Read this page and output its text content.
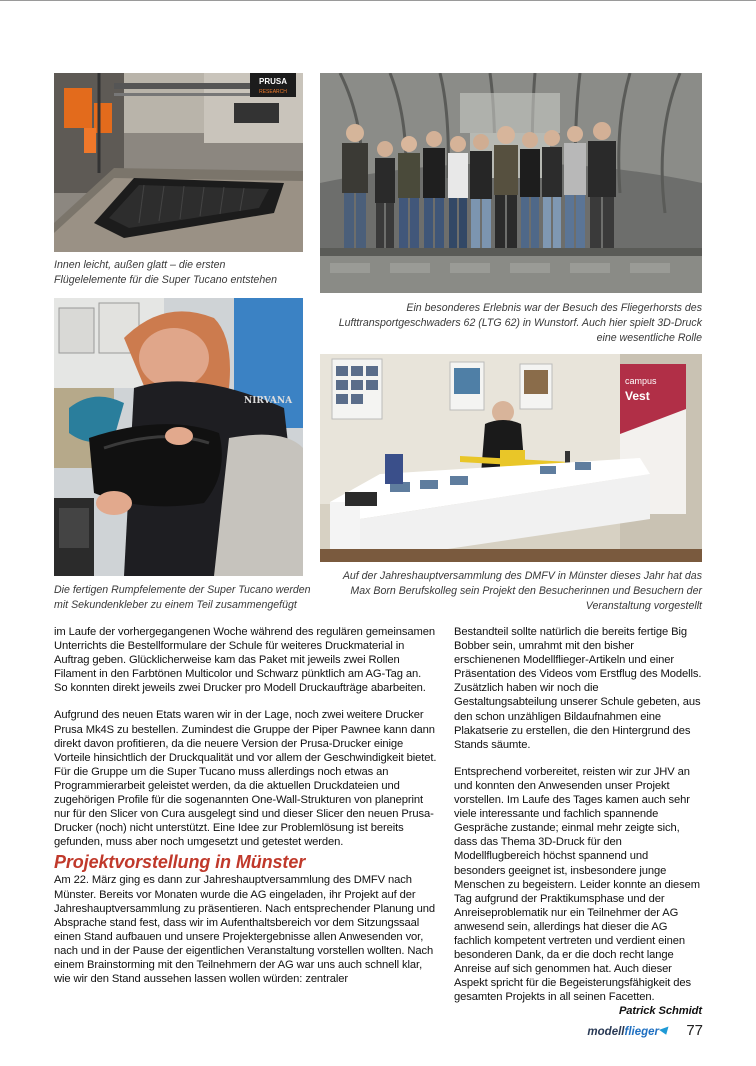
PRUSA
RESEARCH

Innen leicht, außen glatt – die ersten
Flügelelemente für die Super Tucano entstehen

Ein besonderes Erlebnis war der Besuch des Fliegerhorsts des
Lufttransportgeschwaders 62 (LTG 62) in Wunstorf. Auch hier spielt 3D-Druck
eine wesentliche Rolle

NIRVANA

Die fertigen Rumpfelemente der Super Tucano werden
mit Sekundenkleber zu einem Teil zusammengefügt

campus
Vest

Auf der Jahreshauptversammlung des DMFV in Münster dieses Jahr hat das
Max Born Berufskolleg sein Projekt den Besucherinnen und Besuchern der
Veranstaltung vorgestellt

im Laufe der vorhergegangenen Woche während des regulären gemeinsamen Unterrichts die Bestellformulare der Schule für weiteres Druckmaterial in Auftrag geben. Glücklicherweise kam das Paket mit jeweils zwei Rollen Filament in den Farbtönen Multicolor und Schwarz pünktlich am AG-Tag an. So konnten direkt jeweils zwei Drucker pro Modell Druckaufträge abarbeiten.

Aufgrund des neuen Etats waren wir in der Lage, noch zwei weitere Drucker Prusa Mk4S zu bestellen. Zumindest die Gruppe der Piper Pawnee kann dann direkt davon profitieren, da die neuere Version der Prusa-Drucker einige Vorteile hinsichtlich der Druckqualität und vor allem der Geschwindigkeit bietet. Für die Gruppe um die Super Tucano muss allerdings noch etwas an Programmierarbeit geleistet werden, da die aktuellen Druckdateien und zugehörigen Profile für die sogenannten One-Wall-Strukturen von planeprint nur für den Slicer von Cura ausgelegt sind und dieser Slicer den neuen Prusa-Drucker (noch) nicht unterstützt. Eine Idee zur Problemlösung ist bereits gefunden, muss aber noch umgesetzt und getestet werden.

Projektvorstellung in Münster

Am 22. März ging es dann zur Jahreshauptversammlung des DMFV nach Münster. Bereits vor Monaten wurde die AG eingeladen, ihr Projekt auf der Jahreshauptversammlung zu präsentieren. Nach entsprechender Planung und Absprache stand fest, dass wir im Aufenthaltsbereich vor dem Sitzungssaal einen Stand aufbauen und unsere Projektergebnisse allen Anwesenden vor, nach und in der Pause der eigentlichen Veranstaltung vorstellen wollten. Nach einem Brainstorming mit den Teilnehmern der AG war uns auch schnell klar, wie wir den Stand aussehen lassen wollen würden: zentraler

Bestandteil sollte natürlich die bereits fertige Big Bobber sein, umrahmt mit den bisher erschienenen Modellflieger-Artikeln und einer Präsentation des Videos vom Erstflug des Modells. Zusätzlich haben wir noch die Gestaltungsabteilung unserer Schule gebeten, aus den schon unzähligen Bildaufnahmen eine Plakatserie zu erstellen, die den Hintergrund des Stands säumte.

Entsprechend vorbereitet, reisten wir zur JHV an und konnten den Anwesenden unser Projekt vorstellen. Im Laufe des Tages kamen auch sehr viele interessante und fachlich spannende Gespräche zustande; einmal mehr zeigte sich, dass das Thema 3D-Druck für den Modellflugbereich höchst spannend und besonders geeignet ist, insbesondere junge Menschen zu begeistern. Leider konnte an diesem Tag aufgrund der Praktikumsphase und der Anreiseproblematik nur ein Teilnehmer der AG anwesend sein, allerdings hat dieser die AG fachlich kompetent vertreten und verdient einen besonderen Dank, da er die doch recht lange Anreise auf sich genommen hat. Auch dieser Aspekt spricht für die Begeisterungsfähigkeit des gesamten Projekts in all seinen Facetten.

Patrick Schmidt
modellflieger	77
